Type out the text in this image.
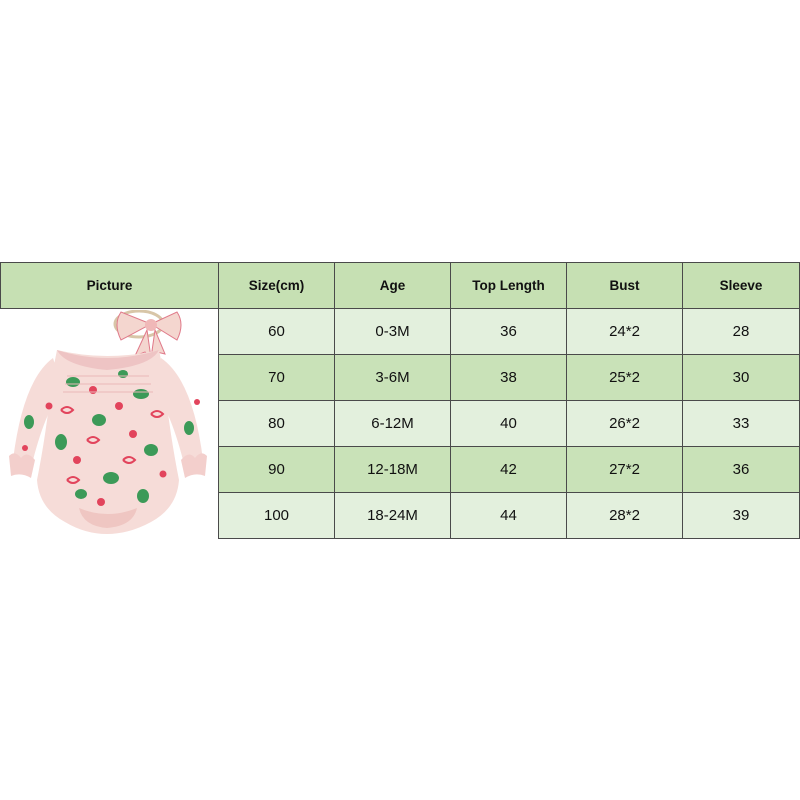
Picture	Size(cm)	Age	Top Length	Bust	Sleeve

	60	0-3M	36	24*2	28
	70	3-6M	38	25*2	30
	80	6-12M	40	26*2	33
	90	12-18M	42	27*2	36
	100	18-24M	44	28*2	39
